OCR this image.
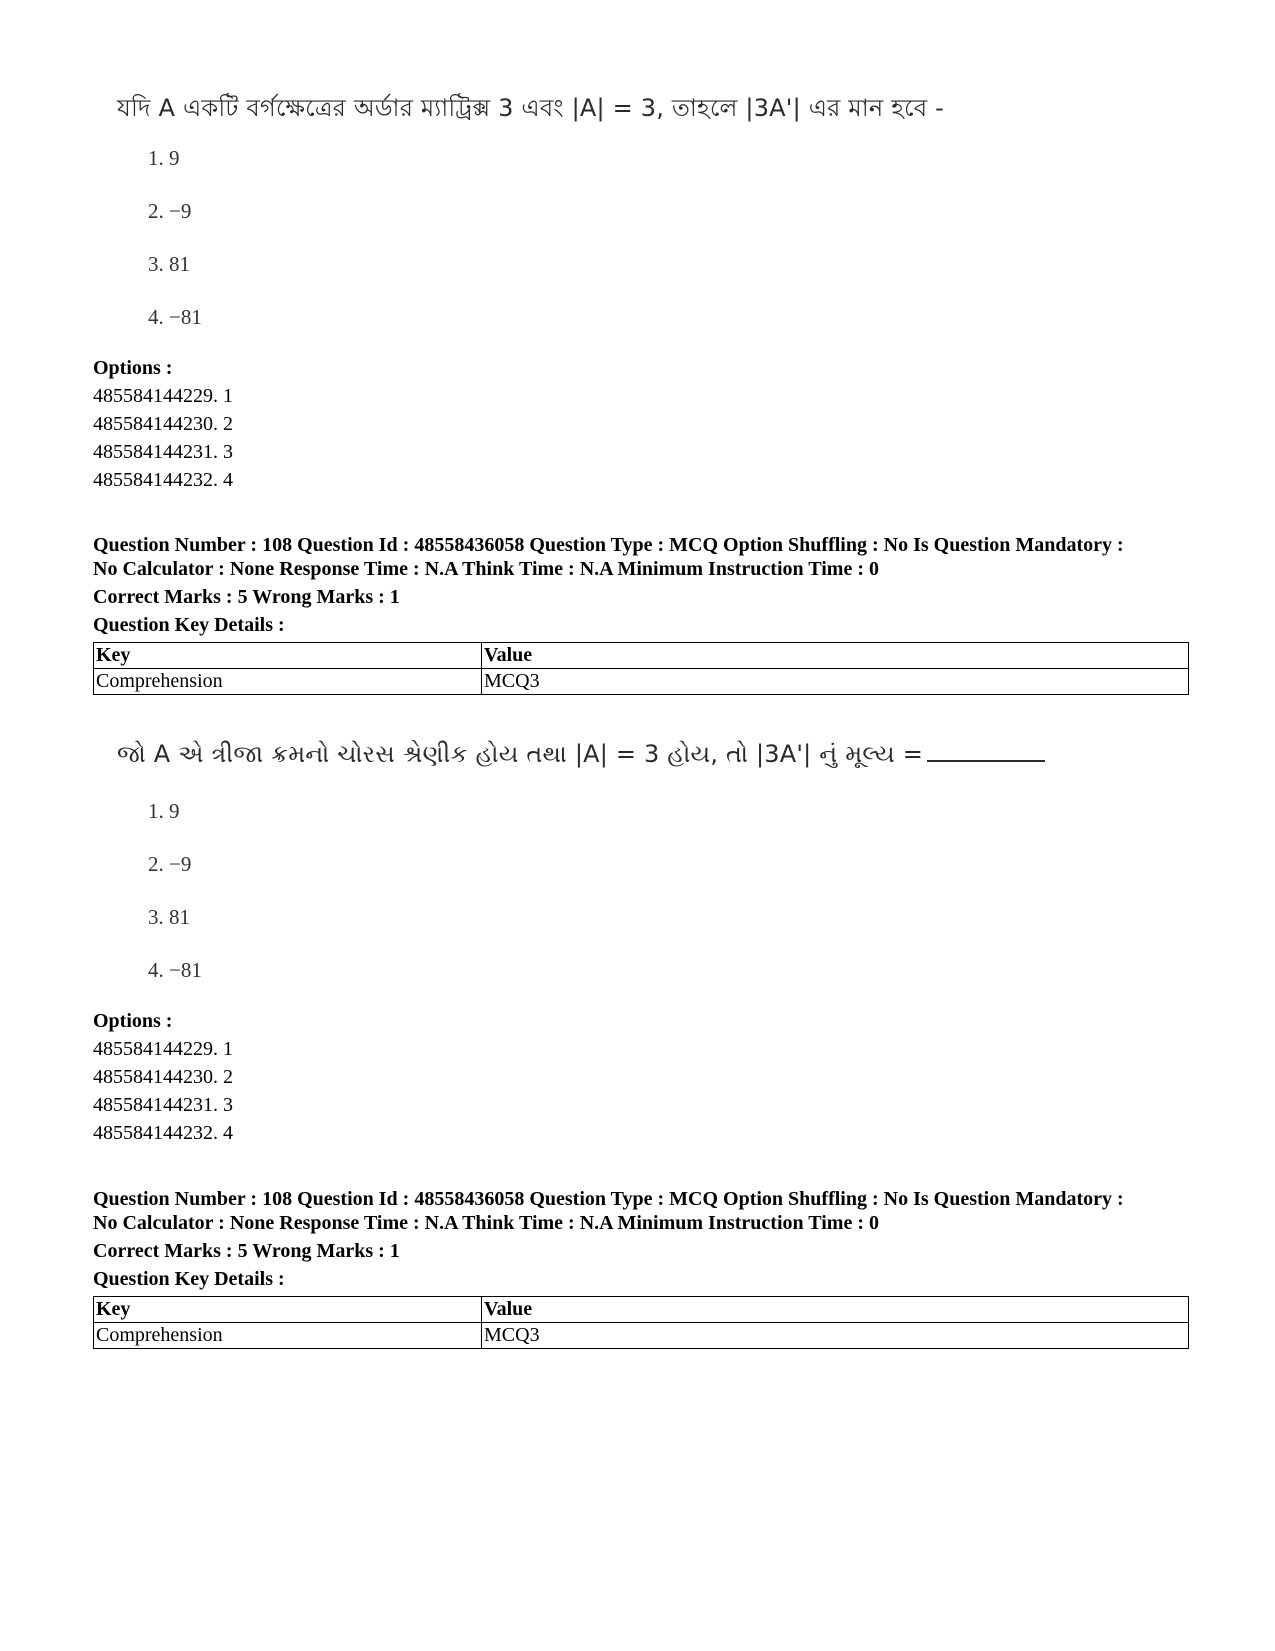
যদি A একটি বর্গক্ষেত্রের অর্ডার ম্যাট্রিক্স 3 এবং |A| = 3, তাহলে |3A'| এর মান হবে -
1. 9
2. −9
3. 81
4. −81
Options :
485584144229. 1
485584144230. 2
485584144231. 3
485584144232. 4
Question Number : 108 Question Id : 48558436058 Question Type : MCQ Option Shuffling : No Is Question Mandatory :
No Calculator : None Response Time : N.A Think Time : N.A Minimum Instruction Time : 0
Correct Marks : 5 Wrong Marks : 1
Question Key Details :
Key	Value
Comprehension	MCQ3
જો A એ ત્રીજા ક્રમનો ચોરસ શ્રેણીક હોય તથા |A| = 3 હોય, તો |3A'| નું મૂલ્ય =
1. 9
2. −9
3. 81
4. −81
Options :
485584144229. 1
485584144230. 2
485584144231. 3
485584144232. 4
Question Number : 108 Question Id : 48558436058 Question Type : MCQ Option Shuffling : No Is Question Mandatory :
No Calculator : None Response Time : N.A Think Time : N.A Minimum Instruction Time : 0
Correct Marks : 5 Wrong Marks : 1
Question Key Details :
Key	Value
Comprehension	MCQ3
